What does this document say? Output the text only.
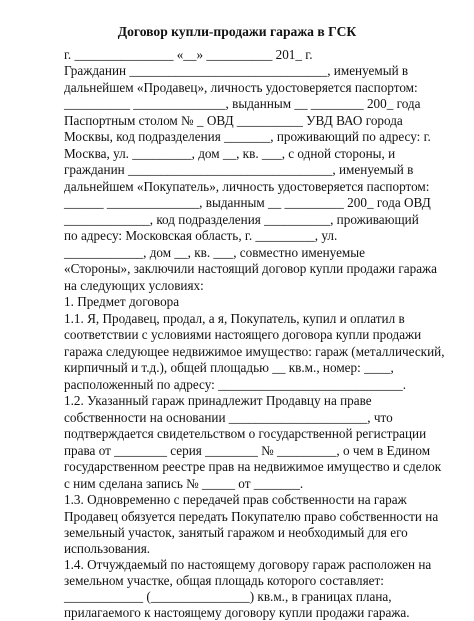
Договор купли-продажи гаража в ГСК
г. _______________ «__» __________ 201_ г.
Гражданин ______________________________, именуемый в
дальнейшем «Продавец», личность удостоверяется паспортом:
__________ ______________, выданным __ ________ 200_ года
Паспортным столом № _ ОВД __________ УВД ВАО города
Москвы, код подразделения _______, проживающий по адресу: г.
Москва, ул. _________, дом __, кв. ___, с одной стороны, и
гражданин _______________________________, именуемый в
дальнейшем «Покупатель», личность удостоверяется паспортом:
______ ______________, выданным __ _________ 200_ года ОВД
_____________, код подразделения __________, проживающий
по адресу: Московская область, г. _________, ул.
____________, дом __, кв. ___, совместно именуемые
«Стороны», заключили настоящий договор купли продажи гаража
на следующих условиях:
1. Предмет договора
1.1. Я, Продавец, продал, а я, Покупатель, купил и оплатил в
соответствии с условиями настоящего договора купли продажи
гаража следующее недвижимое имущество: гараж (металлический,
кирпичный и т.д.), общей площадью __ кв.м., номер: ____,
расположенный по адресу: ____________________________.
1.2. Указанный гараж принадлежит Продавцу на праве
собственности на основании _____________________, что
подтверждается свидетельством о государственной регистрации
права от ________ серия ________ № _________, о чем в Едином
государственном реестре прав на недвижимое имущество и сделок
с ним сделана запись № _____ от _______.
1.3. Одновременно с передачей прав собственности на гараж
Продавец обязуется передать Покупателю право собственности на
земельный участок, занятый гаражом и необходимый для его
использования.
1.4. Отчуждаемый по настоящему договору гараж расположен на
земельном участке, общая площадь которого составляет:
____________ (_______________) кв.м., в границах плана,
прилагаемого к настоящему договору купли продажи гаража.
